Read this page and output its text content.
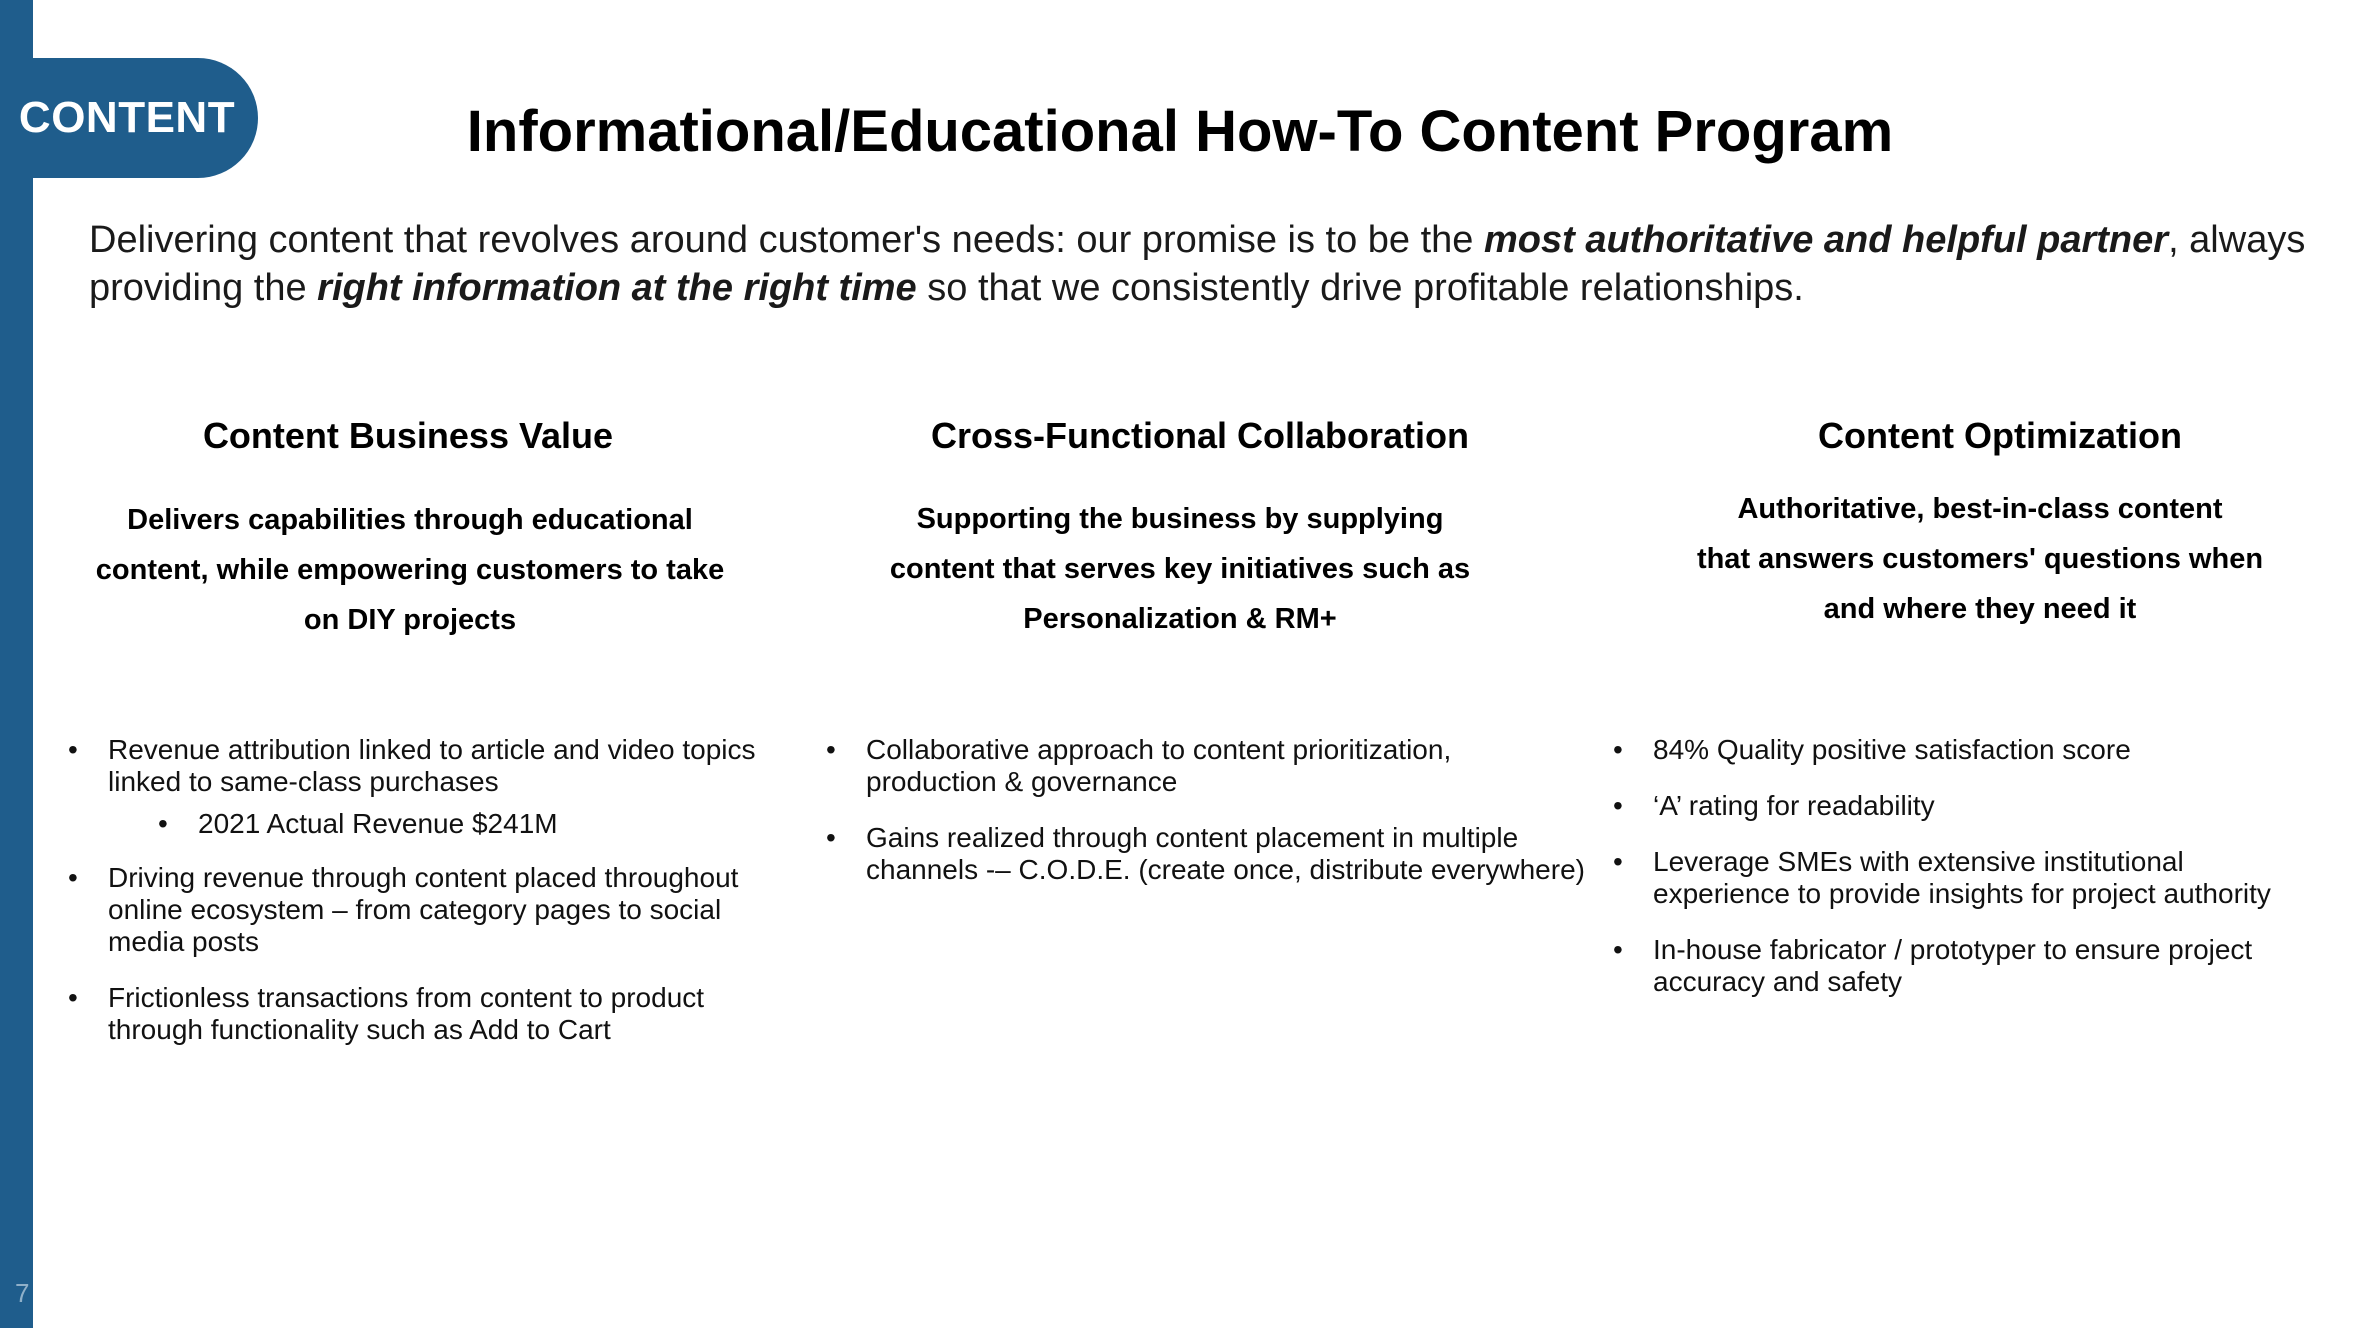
CONTENT
7
Informational/Educational How-To Content Program
Delivering content that revolves around customer's needs: our promise is to be the most authoritative and helpful partner, always providing the right information at the right time so that we consistently drive profitable relationships.
Content Business Value
Delivers capabilities through educational
content, while empowering customers to take
on DIY projects
•	Revenue attribution linked to article and video topics linked to same-class purchases
•	2021 Actual Revenue $241M
•	Driving revenue through content placed throughout online ecosystem – from category pages to social media posts
•	Frictionless transactions from content to product through functionality such as Add to Cart
Cross-Functional Collaboration
Supporting the business by supplying
content that serves key initiatives such as
Personalization & RM+
•	Collaborative approach to content prioritization, production & governance
•	Gains realized through content placement in multiple channels -– C.O.D.E. (create once, distribute everywhere)
Content Optimization
Authoritative, best-in-class content
that answers customers' questions when
and where they need it
•	84% Quality positive satisfaction score
•	‘A’ rating for readability
•	Leverage SMEs with extensive institutional experience to provide insights for project authority
•	In-house fabricator / prototyper to ensure project accuracy and safety
